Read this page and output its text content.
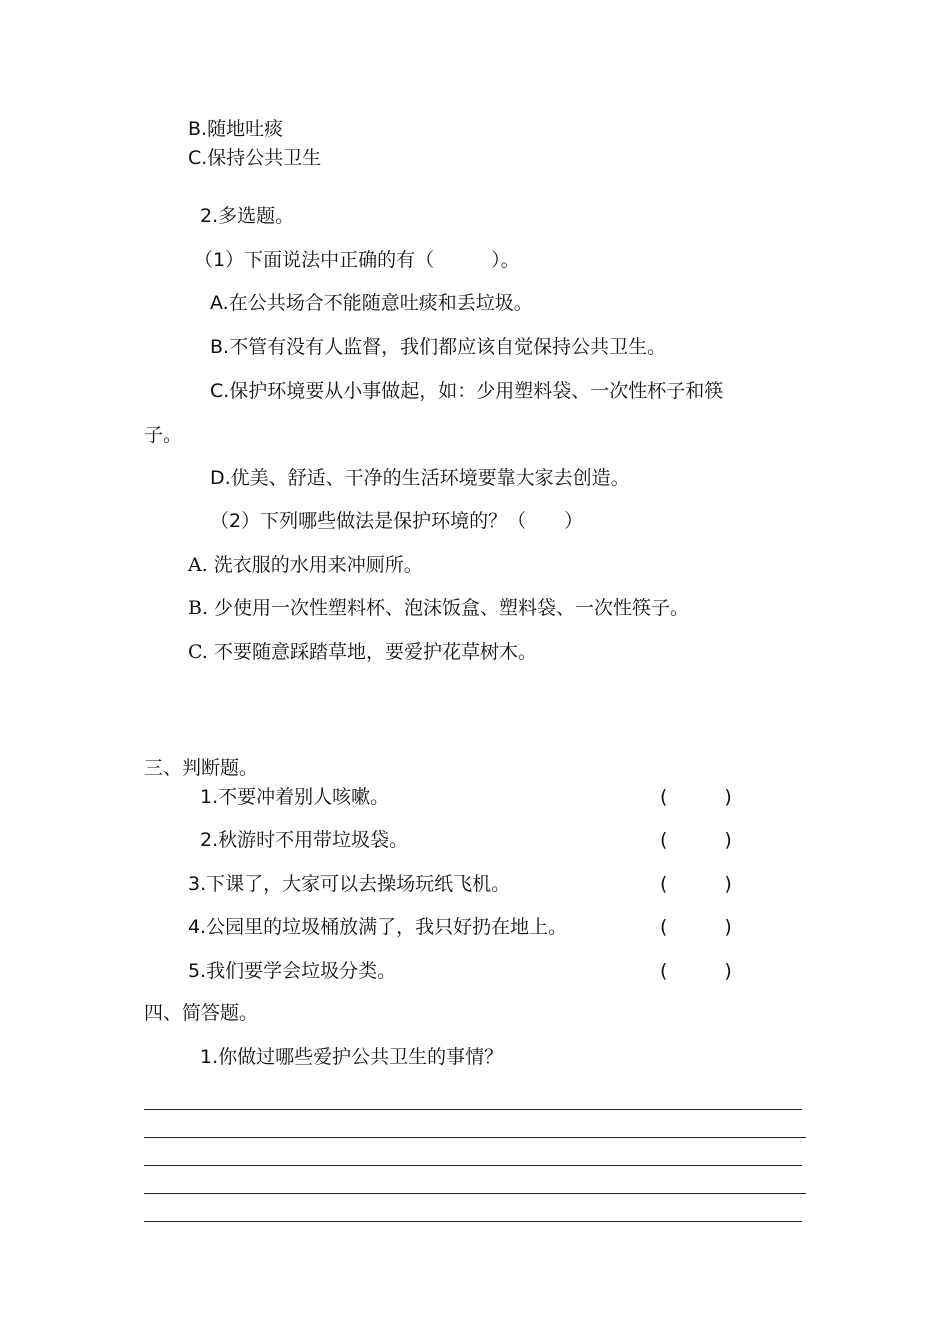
B.随地吐痰
C.保持公共卫生
2.多选题。
（1）下面说法中正确的有（　　　）。
A.在公共场合不能随意吐痰和丢垃圾。
B.不管有没有人监督，我们都应该自觉保持公共卫生。
C.保护环境要从小事做起，如：少用塑料袋、一次性杯子和筷
子。
D.优美、舒适、干净的生活环境要靠大家去创造。
（2）下列哪些做法是保护环境的？（　　）
A. 洗衣服的水用来冲厕所。
B. 少使用一次性塑料杯、泡沫饭盒、塑料袋、一次性筷子。
C. 不要随意踩踏草地，要爱护花草树木。
三、判断题。
1.不要冲着别人咳嗽。	(　　　)
2.秋游时不用带垃圾袋。	(　　　)
3.下课了，大家可以去操场玩纸飞机。	(　　　)
4.公园里的垃圾桶放满了，我只好扔在地上。	(　　　)
5.我们要学会垃圾分类。	(　　　)
四、简答题。
1.你做过哪些爱护公共卫生的事情？
